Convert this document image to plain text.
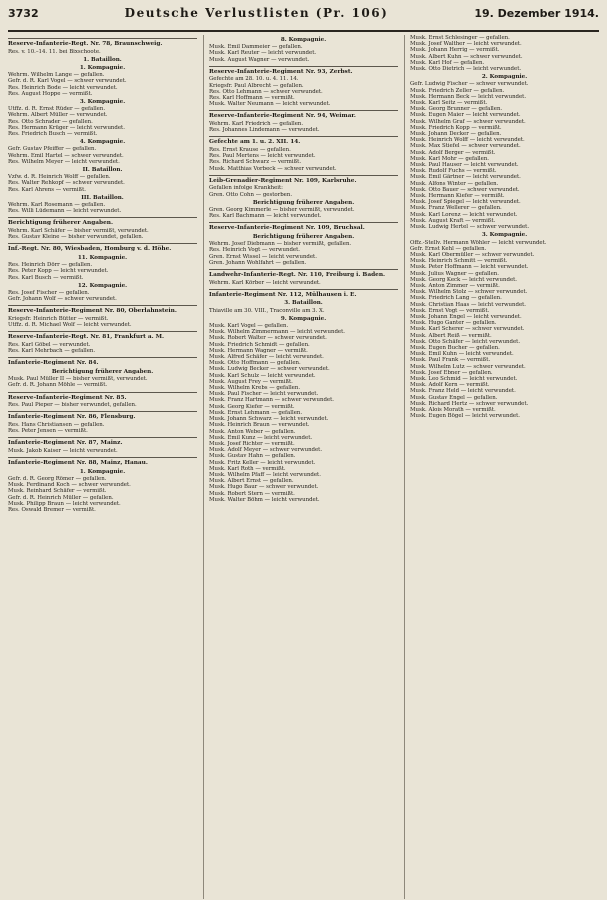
3732	Deutsche Verlustlisten (Pr. 106)	19. Dezember 1914.
Reserve-Infanterie-Regt. Nr. 78, Braunschweig.
Res. v. 10.–14. 11. bei Bixschoote.
1. Bataillon.
1. Kompagnie.
Wehrm. Wilhelm Lange — gefallen.
Gefr. d. R. Karl Vogel — schwer verwundet.
Res. Heinrich Bode — leicht verwundet.
Res. August Hoppe — vermißt.
3. Kompagnie.
Utffz. d. R. Ernst Rüder — gefallen.
Wehrm. Albert Müller — verwundet.
Res. Otto Schrader — gefallen.
Res. Hermann Krüger — leicht verwundet.
Res. Friedrich Busch — vermißt.
4. Kompagnie.
Gefr. Gustav Pfeiffer — gefallen.
Wehrm. Emil Hartel — schwer verwundet.
Res. Wilhelm Meyer — leicht verwundet.
II. Bataillon.
Vzfw. d. R. Heinrich Wolff — gefallen.
Res. Walter Rehkopf — schwer verwundet.
Res. Karl Ahrens — vermißt.
III. Bataillon.
Wehrm. Karl Rosemann — gefallen.
Res. Willi Lüdemann — leicht verwundet.
Berichtigung früherer Angaben.
Wehrm. Karl Schäfer — bisher vermißt, verwundet.
Res. Gustav Kleine — bisher verwundet, gefallen.
Inf.-Regt. Nr. 80, Wiesbaden, Homburg v. d. Höhe.
11. Kompagnie.
Res. Heinrich Dörr — gefallen.
Res. Peter Kopp — leicht verwundet.
Res. Karl Busch — vermißt.
12. Kompagnie.
Res. Josef Fischer — gefallen.
Gefr. Johann Wolf — schwer verwundet.
Reserve-Infanterie-Regiment Nr. 80, Oberlahnstein.
Kriegsfr. Heinrich Bütter — vermißt.
Utffz. d. R. Michael Wolf — leicht verwundet.
Reserve-Infanterie-Regt. Nr. 81, Frankfurt a. M.
Res. Karl Göbel — verwundet.
Res. Karl Mehrbach — gefallen.
Infanterie-Regiment Nr. 84.
Berichtigung früherer Angaben.
Musk. Paul Müller II — bisher vermißt, verwundet.
Gefr. d. R. Johann Möhle — vermißt.
Reserve-Infanterie-Regiment Nr. 85.
Res. Paul Pieper — bisher verwundet, gefallen.
Infanterie-Regiment Nr. 86, Flensburg.
Res. Hans Christiansen — gefallen.
Res. Peter Jensen — vermißt.
Infanterie-Regiment Nr. 87, Mainz.
Musk. Jakob Kaiser — leicht verwundet.
Infanterie-Regiment Nr. 88, Mainz, Hanau.
1. Kompagnie.
Gefr. d. R. Georg Römer — gefallen.
Musk. Ferdinand Koch — schwer verwundet.
Musk. Reinhard Schäfer — vermißt.
Gefr. d. R. Heinrich Müller — gefallen.
Musk. Philipp Braun — leicht verwundet.
Res. Oswald Bremer — vermißt.
8. Kompagnie.
Musk. Emil Dammeier — gefallen.
Musk. Karl Reuter — leicht verwundet.
Musk. August Wagner — verwundet.
Reserve-Infanterie-Regiment Nr. 93, Zerbst.
Gefechte am 28. 10. u. 4. 11. 14.
Kriegsfr. Paul Albrecht — gefallen.
Res. Otto Lehmann — schwer verwundet.
Res. Karl Hoffmann — vermißt.
Musk. Walter Neumann — leicht verwundet.
Reserve-Infanterie-Regiment Nr. 94, Weimar.
Wehrm. Karl Friedrich — gefallen.
Res. Johannes Lindemann — verwundet.
Gefechte am 1. u. 2. XII. 14.
Res. Ernst Krause — gefallen.
Res. Paul Mertens — leicht verwundet.
Res. Richard Schwarz — vermißt.
Musk. Matthias Vorbeck — schwer verwundet.
Leib-Grenadier-Regiment Nr. 109, Karlsruhe.
Gefallen infolge Krankheit:
Gren. Otto Cohn — gestorben.
Berichtigung früherer Angaben.
Gren. Georg Kimmerle — bisher vermißt, verwundet.
Res. Karl Bachmann — leicht verwundet.
Reserve-Infanterie-Regiment Nr. 109, Bruchsal.
Berichtigung früherer Angaben.
Wehrm. Josef Diebmann — bisher vermißt, gefallen.
Res. Heinrich Vogt — verwundet.
Gren. Ernst Wissel — leicht verwundet.
Gren. Johann Wohlfahrt — gefallen.
Landwehr-Infanterie-Regt. Nr. 110, Freiburg i. Baden.
Wehrm. Karl Körber — leicht verwundet.
Infanterie-Regiment Nr. 112, Mülhausen i. E.
3. Bataillon.
Thiaville am 30. VIII., Traconville am 3. X.
9. Kompagnie.
Musk. Karl Vogel — gefallen.
Musk. Wilhelm Zimmermann — leicht verwundet.
Musk. Robert Walter — schwer verwundet.
Musk. Friedrich Schmidt — gefallen.
Musk. Hermann Wagner — vermißt.
Musk. Alfred Schäfer — leicht verwundet.
Musk. Otto Hoffmann — gefallen.
Musk. Ludwig Becker — schwer verwundet.
Musk. Karl Schulz — leicht verwundet.
Musk. August Frey — vermißt.
Musk. Wilhelm Krebs — gefallen.
Musk. Paul Fischer — leicht verwundet.
Musk. Franz Hartmann — schwer verwundet.
Musk. Georg Kiefer — vermißt.
Musk. Ernst Lehmann — gefallen.
Musk. Johann Schwarz — leicht verwundet.
Musk. Heinrich Braun — verwundet.
Musk. Anton Weber — gefallen.
Musk. Emil Kunz — leicht verwundet.
Musk. Josef Richter — vermißt.
Musk. Adolf Meyer — schwer verwundet.
Musk. Gustav Hahn — gefallen.
Musk. Fritz Keller — leicht verwundet.
Musk. Karl Roth — vermißt.
Musk. Wilhelm Pfaff — leicht verwundet.
Musk. Albert Ernst — gefallen.
Musk. Hugo Baur — schwer verwundet.
Musk. Robert Stern — vermißt.
Musk. Walter Böhm — leicht verwundet.
Musk. Ernst Schlesinger — gefallen.
Musk. Josef Walther — leicht verwundet.
Musk. Johann Herrig — vermißt.
Musk. Albert Kuhn — schwer verwundet.
Musk. Karl Hof — gefallen.
Musk. Otto Dietrich — leicht verwundet.
2. Kompagnie.
Gefr. Ludwig Fischer — schwer verwundet.
Musk. Friedrich Zeller — gefallen.
Musk. Hermann Beck — leicht verwundet.
Musk. Karl Seitz — vermißt.
Musk. Georg Brunner — gefallen.
Musk. Eugen Maier — leicht verwundet.
Musk. Wilhelm Graf — schwer verwundet.
Musk. Friedrich Kopp — vermißt.
Musk. Johann Decker — gefallen.
Musk. Heinrich Wolff — leicht verwundet.
Musk. Max Stiefel — schwer verwundet.
Musk. Adolf Berger — vermißt.
Musk. Karl Mohr — gefallen.
Musk. Paul Hauser — leicht verwundet.
Musk. Rudolf Fuchs — vermißt.
Musk. Emil Gärtner — leicht verwundet.
Musk. Alfons Winter — gefallen.
Musk. Otto Bauer — schwer verwundet.
Musk. Hermann Kiefer — vermißt.
Musk. Josef Spiegel — leicht verwundet.
Musk. Franz Wellerer — gefallen.
Musk. Karl Lorenz — leicht verwundet.
Musk. August Kraft — vermißt.
Musk. Ludwig Hertel — schwer verwundet.
3. Kompagnie.
Offz.-Stellv. Hermann Wöhler — leicht verwundet.
Gefr. Ernst Kehl — gefallen.
Musk. Karl Obermüller — schwer verwundet.
Musk. Heinrich Schmitt — vermißt.
Musk. Peter Hoffmann — leicht verwundet.
Musk. Julius Wagner — gefallen.
Musk. Georg Keck — leicht verwundet.
Musk. Anton Zimmer — vermißt.
Musk. Wilhelm Stolz — schwer verwundet.
Musk. Friedrich Lang — gefallen.
Musk. Christian Haas — leicht verwundet.
Musk. Ernst Vogt — vermißt.
Musk. Johann Engel — leicht verwundet.
Musk. Hugo Ganter — gefallen.
Musk. Karl Scherer — schwer verwundet.
Musk. Albert Reiß — vermißt.
Musk. Otto Schäfer — leicht verwundet.
Musk. Eugen Bucher — gefallen.
Musk. Emil Kuhn — leicht verwundet.
Musk. Paul Frank — vermißt.
Musk. Wilhelm Lutz — schwer verwundet.
Musk. Josef Ebner — gefallen.
Musk. Leo Schmid — leicht verwundet.
Musk. Adolf Kern — vermißt.
Musk. Franz Held — leicht verwundet.
Musk. Gustav Engel — gefallen.
Musk. Richard Hertz — schwer verwundet.
Musk. Alois Morath — vermißt.
Musk. Eugen Bögel — leicht verwundet.
